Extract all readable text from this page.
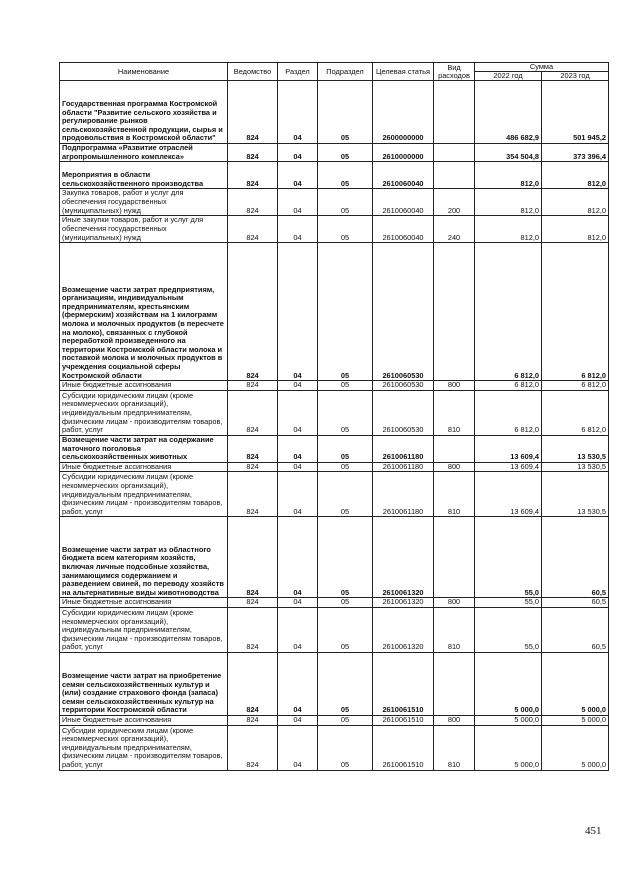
Наименование	Ведомство	Раздел	Подраздел	Целевая статья	Вид расходов	Сумма	
						2022 год	2023 год
Государственная программа Костромской области "Развитие сельского хозяйства и регулирование рынков сельскохозяйственной продукции, сырья и продовольствия в Костромской области"	824	04	05	2600000000		486 682,9	501 945,2
Подпрограмма «Развитие отраслей агропромышленного комплекса»	824	04	05	2610000000		354 504,8	373 396,4
Мероприятия в области сельскохозяйственного производства	824	04	05	2610060040		812,0	812,0
Закупка товаров, работ и услуг для обеспечения государственных (муниципальных) нужд	824	04	05	2610060040	200	812,0	812,0
Иные закупки товаров, работ и услуг для обеспечения государственных (муниципальных) нужд	824	04	05	2610060040	240	812,0	812,0
Возмещение части затрат предприятиям, организациям, индивидуальным предпринимателям, крестьянским (фермерским) хозяйствам на 1 килограмм молока и молочных продуктов (в пересчете на молоко), связанных с глубокой переработкой произведенного на территории Костромской области молока и поставкой молока и молочных продуктов в учреждения социальной сферы Костромской области	824	04	05	2610060530		6 812,0	6 812,0
Иные бюджетные ассигнования	824	04	05	2610060530	800	6 812,0	6 812,0
Субсидии юридическим лицам (кроме некоммерческих организаций), индивидуальным предпринимателям, физическим лицам - производителям товаров, работ, услуг	824	04	05	2610060530	810	6 812,0	6 812,0
Возмещение части затрат на содержание маточного поголовья сельскохозяйственных животных	824	04	05	2610061180		13 609,4	13 530,5
Иные бюджетные ассигнования	824	04	05	2610061180	800	13 609,4	13 530,5
Субсидии юридическим лицам (кроме некоммерческих организаций), индивидуальным предпринимателям, физическим лицам - производителям товаров, работ, услуг	824	04	05	2610061180	810	13 609,4	13 530,5
Возмещение части затрат из областного бюджета всем категориям хозяйств, включая личные подсобные хозяйства, занимающимся содержанием и разведением свиней, по переводу хозяйств на альтернативные виды животноводства	824	04	05	2610061320		55,0	60,5
Иные бюджетные ассигнования	824	04	05	2610061320	800	55,0	60,5
Субсидии юридическим лицам (кроме некоммерческих организаций), индивидуальным предпринимателям, физическим лицам - производителям товаров, работ, услуг	824	04	05	2610061320	810	55,0	60,5
Возмещение части затрат на приобретение семян сельскохозяйственных культур и (или) создание страхового фонда (запаса) семян сельскохозяйственных культур на территории Костромской области	824	04	05	2610061510		5 000,0	5 000,0
Иные бюджетные ассигнования	824	04	05	2610061510	800	5 000,0	5 000,0
Субсидии юридическим лицам (кроме некоммерческих организаций), индивидуальным предпринимателям, физическим лицам - производителям товаров, работ, услуг	824	04	05	2610061510	810	5 000,0	5 000,0
451
